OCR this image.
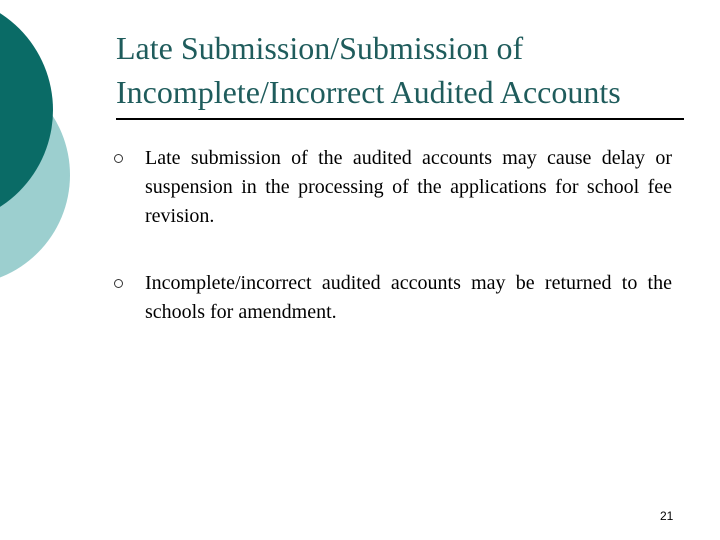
Late Submission/Submission of Incomplete/Incorrect Audited Accounts
Late submission of the audited accounts may cause delay or suspension in the processing of the applications for school fee revision.
Incomplete/incorrect audited accounts may be returned to the schools for amendment.
21
